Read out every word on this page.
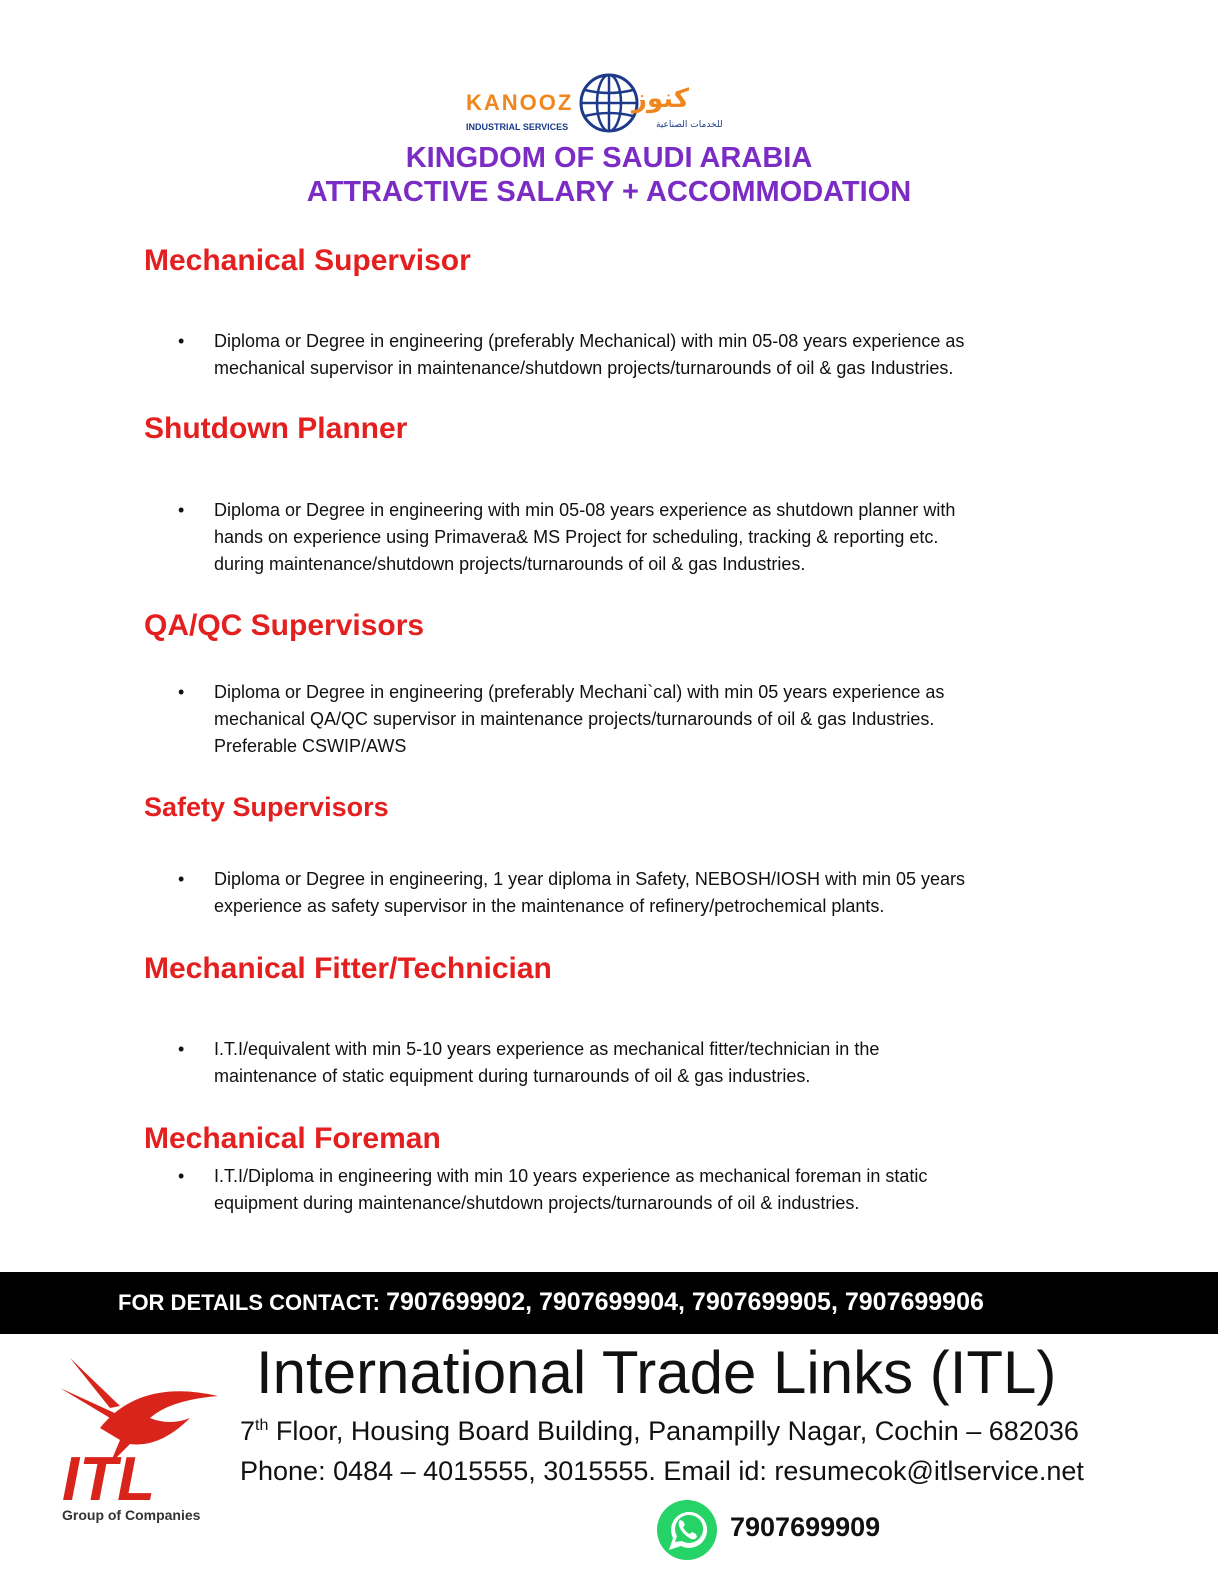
KANOOZ
INDUSTRIAL SERVICES
كنوز
للخدمات الصناعية
KINGDOM OF SAUDI ARABIA
ATTRACTIVE SALARY + ACCOMMODATION
Mechanical Supervisor
• Diploma or Degree in engineering (preferably Mechanical) with min 05-08 years experience as
mechanical supervisor in maintenance/shutdown projects/turnarounds of oil & gas Industries.
Shutdown Planner
• Diploma or Degree in engineering with min 05-08 years experience as shutdown planner with
hands on experience using Primavera& MS Project for scheduling, tracking & reporting etc.
during maintenance/shutdown projects/turnarounds of oil & gas Industries.
QA/QC Supervisors
• Diploma or Degree in engineering (preferably Mechani`cal) with min 05 years experience as
mechanical QA/QC supervisor in maintenance projects/turnarounds of oil & gas Industries.
Preferable CSWIP/AWS
Safety Supervisors
• Diploma or Degree in engineering, 1 year diploma in Safety, NEBOSH/IOSH with min 05 years
experience as safety supervisor in the maintenance of refinery/petrochemical plants.
Mechanical Fitter/Technician
• I.T.I/equivalent with min 5-10 years experience as mechanical fitter/technician in the
maintenance of static equipment during turnarounds of oil & gas industries.
Mechanical Foreman
• I.T.I/Diploma in engineering with min 10 years experience as mechanical foreman in static
equipment during maintenance/shutdown projects/turnarounds of oil & industries.
FOR DETAILS CONTACT: 7907699902, 7907699904, 7907699905, 7907699906
ITL
Group of Companies
International Trade Links (ITL)
7th Floor, Housing Board Building, Panampilly Nagar, Cochin – 682036
Phone: 0484 – 4015555, 3015555. Email id: resumecok@itlservice.net
7907699909
